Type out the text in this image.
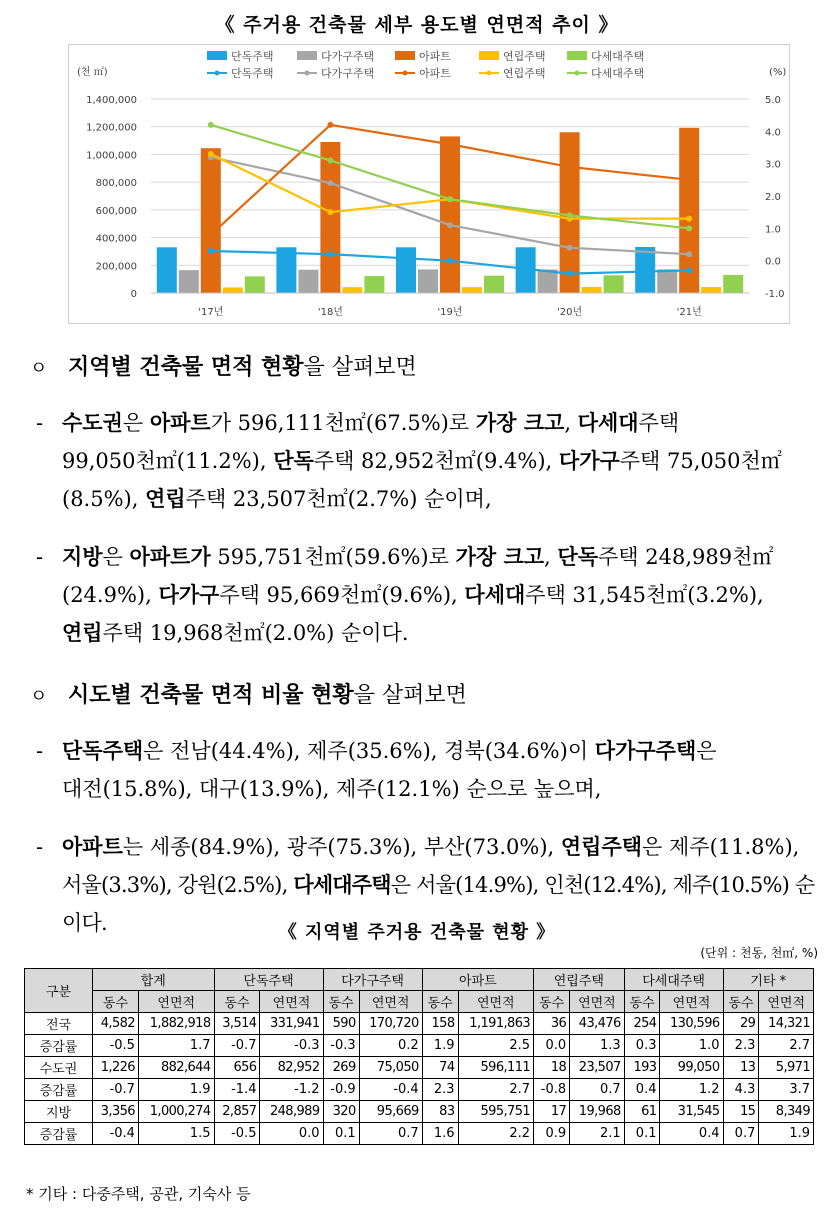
《 주거용 건축물 세부 용도별 연면적 추이 》
1,400,000
1,200,000
1,000,000
800,000
600,000
400,000
200,000
0
5.0
4.0
3.0
2.0
1.0
0.0
-1.0
(천 ㎡)	(%)
단독주택	다가구주택	아파트	연립주택	다세대주택
단독주택	다가구주택	아파트	연립주택	다세대주택
'17년	'18년	'19년	'20년	'21년
ㅇ 지역별 건축물 면적 현황을 살펴보면
- 수도권은 아파트가 596,111천㎡(67.5%)로 가장 크고, 다세대주택
99,050천㎡(11.2%), 단독주택 82,952천㎡(9.4%), 다가구주택 75,050천㎡
(8.5%), 연립주택 23,507천㎡(2.7%) 순이며,
- 지방은 아파트가 595,751천㎡(59.6%)로 가장 크고, 단독주택 248,989천㎡
(24.9%), 다가구주택 95,669천㎡(9.6%), 다세대주택 31,545천㎡(3.2%),
연립주택 19,968천㎡(2.0%) 순이다.
ㅇ 시도별 건축물 면적 비율 현황을 살펴보면
- 단독주택은 전남(44.4%), 제주(35.6%), 경북(34.6%)이 다가구주택은
대전(15.8%), 대구(13.9%), 제주(12.1%) 순으로 높으며,
- 아파트는 세종(84.9%), 광주(75.3%), 부산(73.0%), 연립주택은 제주(11.8%),
서울(3.3%), 강원(2.5%), 다세대주택은 서울(14.9%), 인천(12.4%), 제주(10.5%) 순이다.	《 지역별 주거용 건축물 현황 》
(단위 : 천동, 천㎡, %)
구분	합계		단독주택		다가구주택		아파트		연립주택		다세대주택		기타 *	
	동수	연면적	동수	연면적	동수	연면적	동수	연면적	동수	연면적	동수	연면적	동수	연면적
전국	4,582	1,882,918	3,514	331,941	590	170,720	158	1,191,863	36	43,476	254	130,596	29	14,321
증감률	-0.5	1.7	-0.7	-0.3	-0.3	0.2	1.9	2.5	0.0	1.3	0.3	1.0	2.3	2.7
수도권	1,226	882,644	656	82,952	269	75,050	74	596,111	18	23,507	193	99,050	13	5,971
증감률	-0.7	1.9	-1.4	-1.2	-0.9	-0.4	2.3	2.7	-0.8	0.7	0.4	1.2	4.3	3.7
지방	3,356	1,000,274	2,857	248,989	320	95,669	83	595,751	17	19,968	61	31,545	15	8,349
증감률	-0.4	1.5	-0.5	0.0	0.1	0.7	1.6	2.2	0.9	2.1	0.1	0.4	0.7	1.9
* 기타 : 다중주택, 공관, 기숙사 등
